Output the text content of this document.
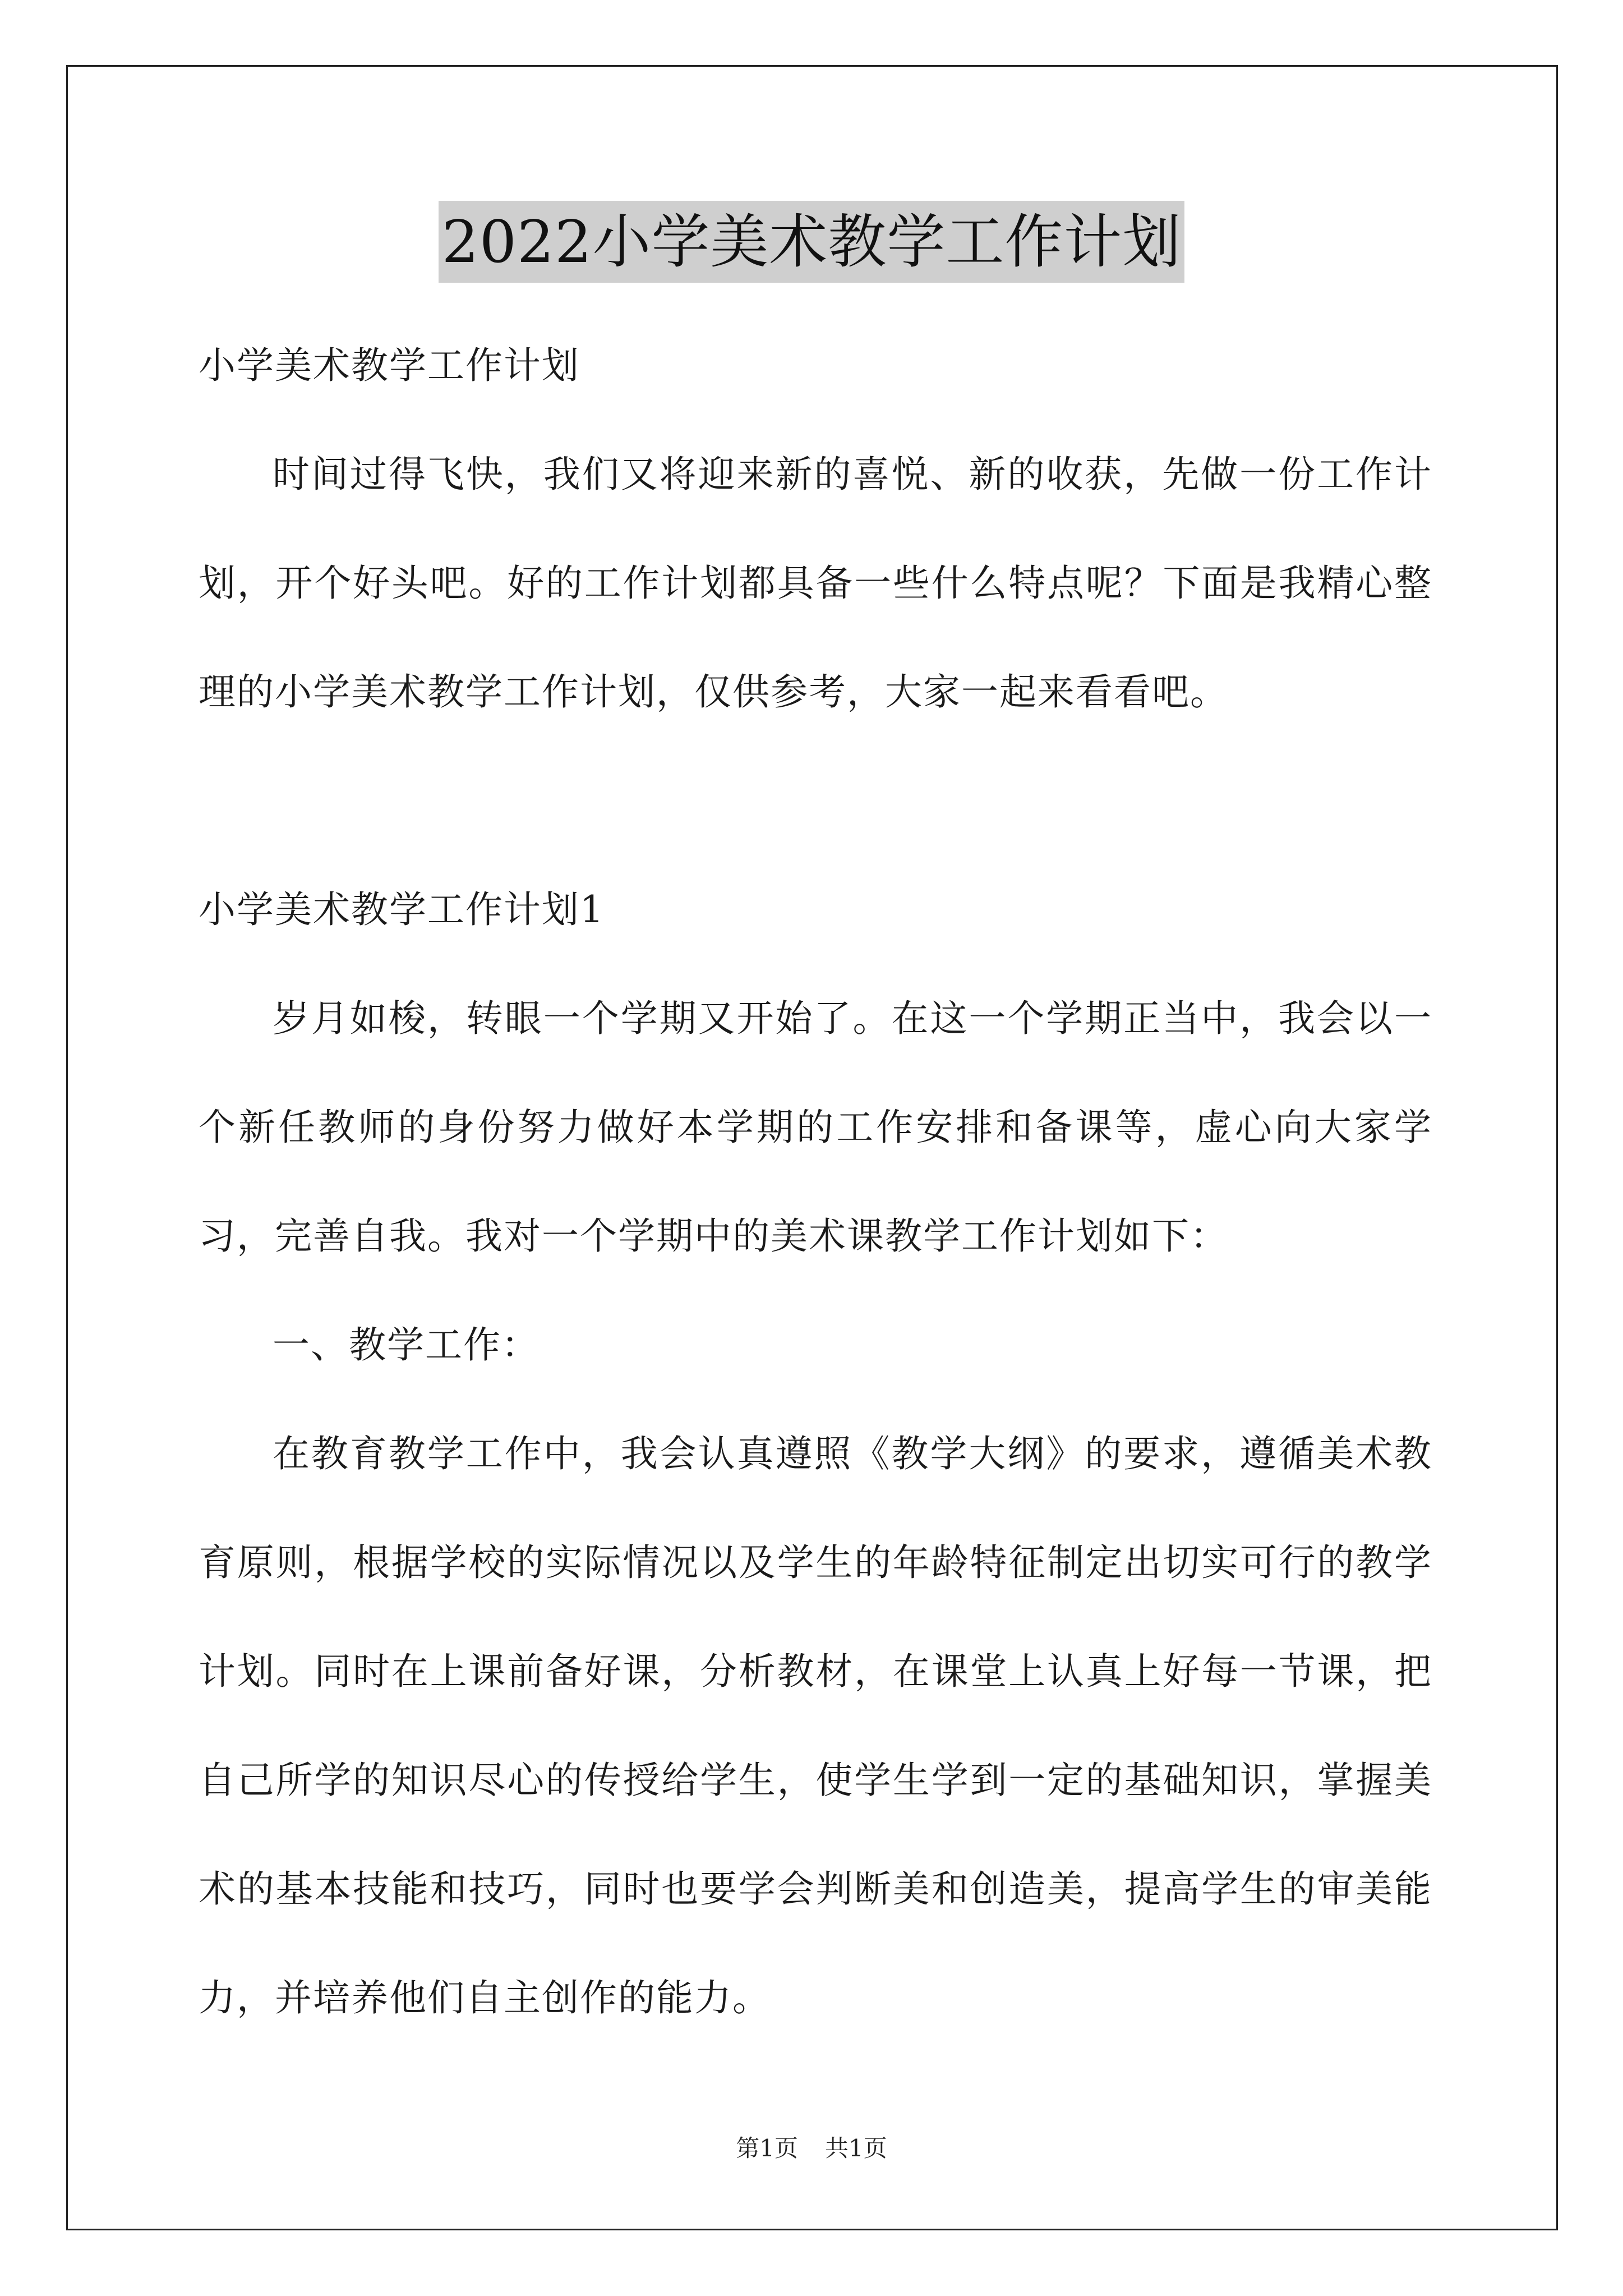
2022小学美术教学工作计划

小学美术教学工作计划

时间过得飞快，我们又将迎来新的喜悦、新的收获，先做一份工作计划，开个好头吧。好的工作计划都具备一些什么特点呢？下面是我精心整理的小学美术教学工作计划，仅供参考，大家一起来看看吧。

小学美术教学工作计划1

岁月如梭，转眼一个学期又开始了。在这一个学期正当中，我会以一个新任教师的身份努力做好本学期的工作安排和备课等，虚心向大家学习，完善自我。我对一个学期中的美术课教学工作计划如下：

一、教学工作：

在教育教学工作中，我会认真遵照《教学大纲》的要求，遵循美术教育原则，根据学校的实际情况以及学生的年龄特征制定出切实可行的教学计划。同时在上课前备好课，分析教材，在课堂上认真上好每一节课，把自己所学的知识尽心的传授给学生，使学生学到一定的基础知识，掌握美术的基本技能和技巧，同时也要学会判断美和创造美，提高学生的审美能力，并培养他们自主创作的能力。

第1页 共1页
